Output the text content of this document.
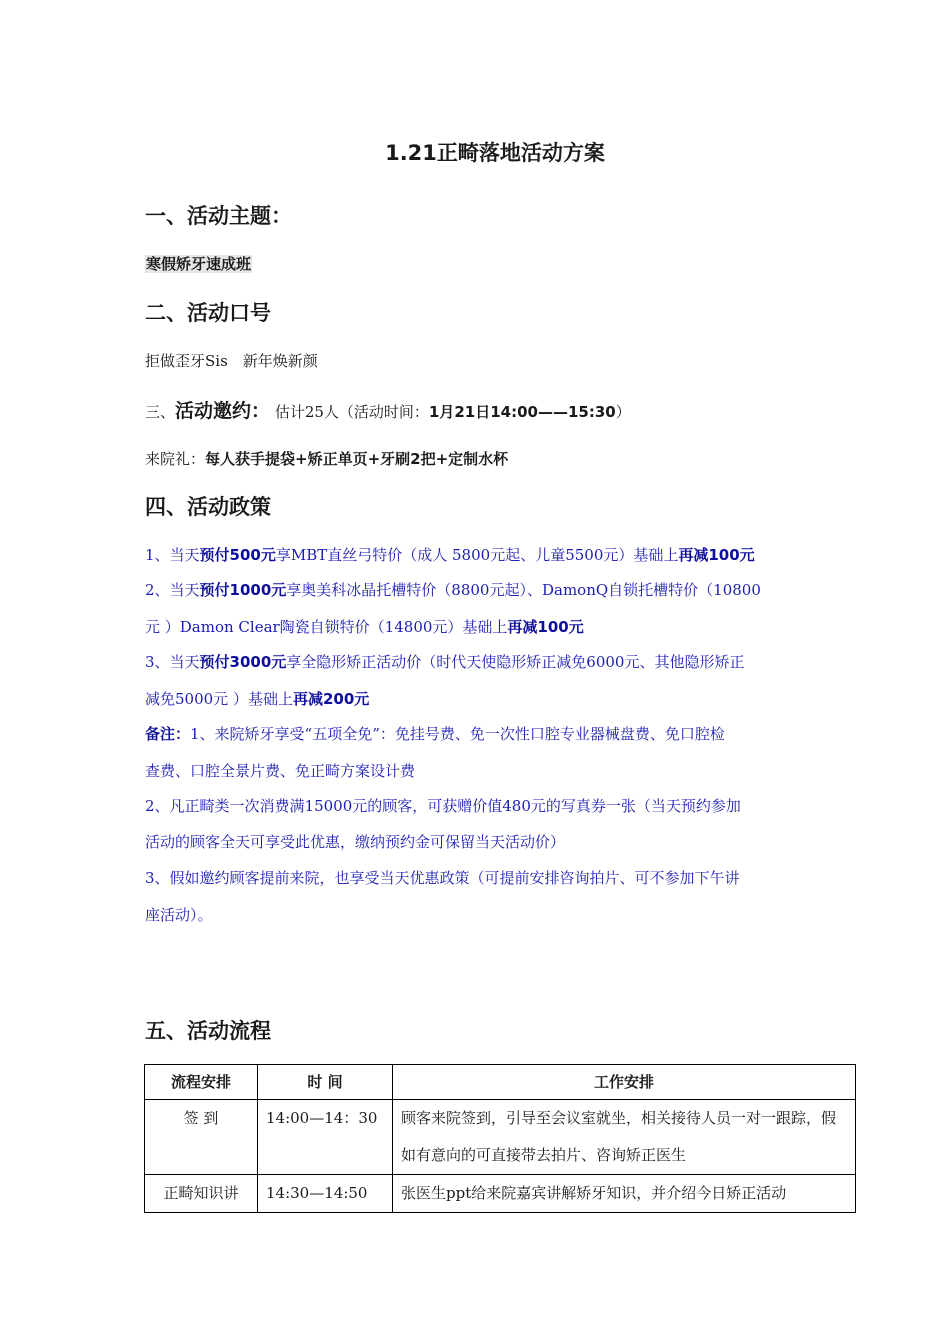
1.21正畸落地活动方案
一、活动主题：
寒假矫牙速成班
二、活动口号
拒做歪牙Sis　新年焕新颜
三、活动邀约： 估计25人（活动时间：1月21日14:00——15:30）
来院礼：每人获手提袋+矫正单页+牙刷2把+定制水杯
四、活动政策
1、当天预付500元享MBT直丝弓特价（成人 5800元起、儿童5500元）基础上再减100元
2、当天预付1000元享奥美科冰晶托槽特价（8800元起）、DamonQ自锁托槽特价（10800
元 ）Damon Clear陶瓷自锁特价（14800元）基础上再减100元
3、当天预付3000元享全隐形矫正活动价（时代天使隐形矫正减免6000元、其他隐形矫正
减免5000元 ）基础上再减200元
备注：1、来院矫牙享受“五项全免”：免挂号费、免一次性口腔专业器械盘费、免口腔检
查费、口腔全景片费、免正畸方案设计费
2、凡正畸类一次消费满15000元的顾客，可获赠价值480元的写真券一张（当天预约参加
活动的顾客全天可享受此优惠，缴纳预约金可保留当天活动价）
3、假如邀约顾客提前来院，也享受当天优惠政策（可提前安排咨询拍片、可不参加下午讲
座活动）。
五、活动流程
流程安排	时 间	工作安排
签 到	14:00—14：30	顾客来院签到，引导至会议室就坐，相关接待人员一对一跟踪，假如有意向的可直接带去拍片、咨询矫正医生
正畸知识讲	14:30—14:50	张医生ppt给来院嘉宾讲解矫牙知识，并介绍今日矫正活动
